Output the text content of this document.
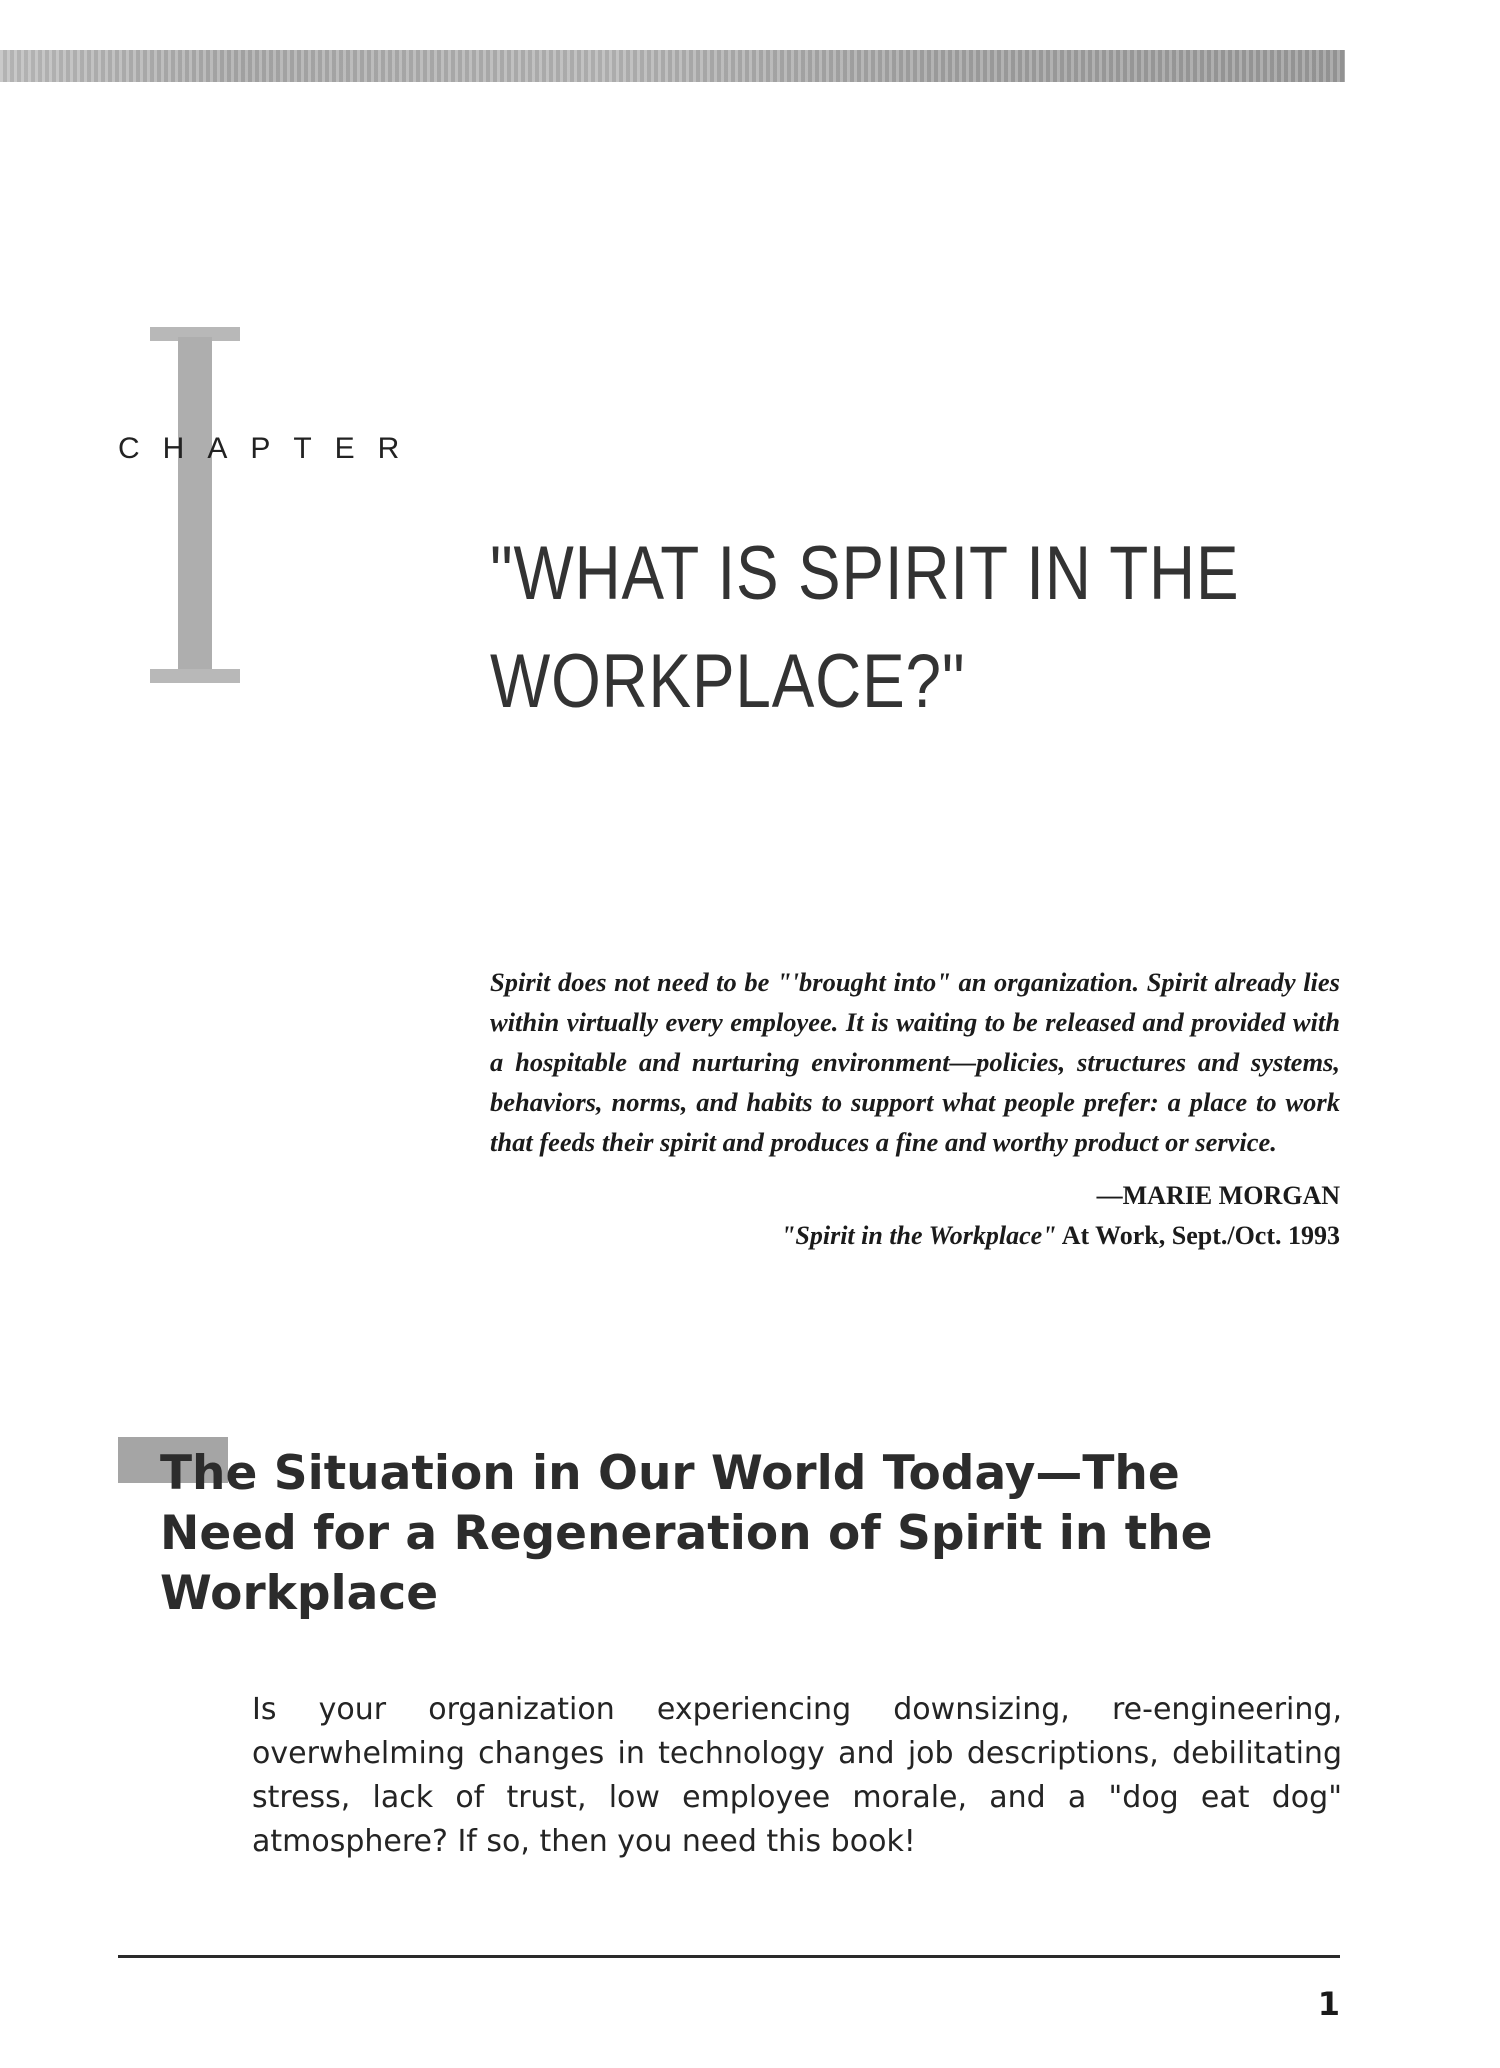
CHAPTER
"WHAT IS SPIRIT IN THE
WORKPLACE?"

Spirit does not need to be "'brought into" an organization. Spirit already lies within virtually every employee. It is waiting to be released and provided with a hospitable and nurturing environment—policies, structures and systems, behaviors, norms, and habits to support what people prefer: a place to work that feeds their spirit and produces a fine and worthy product or service.

—MARIE MORGAN
"Spirit in the Workplace" At Work, Sept./Oct. 1993
The Situation in Our World Today—The Need for a Regeneration of Spirit in the Workplace

Is your organization experiencing downsizing, re-engineering, overwhelming changes in technology and job descriptions, debilitating stress, lack of trust, low employee morale, and a "dog eat dog" atmosphere? If so, then you need this book!

1
